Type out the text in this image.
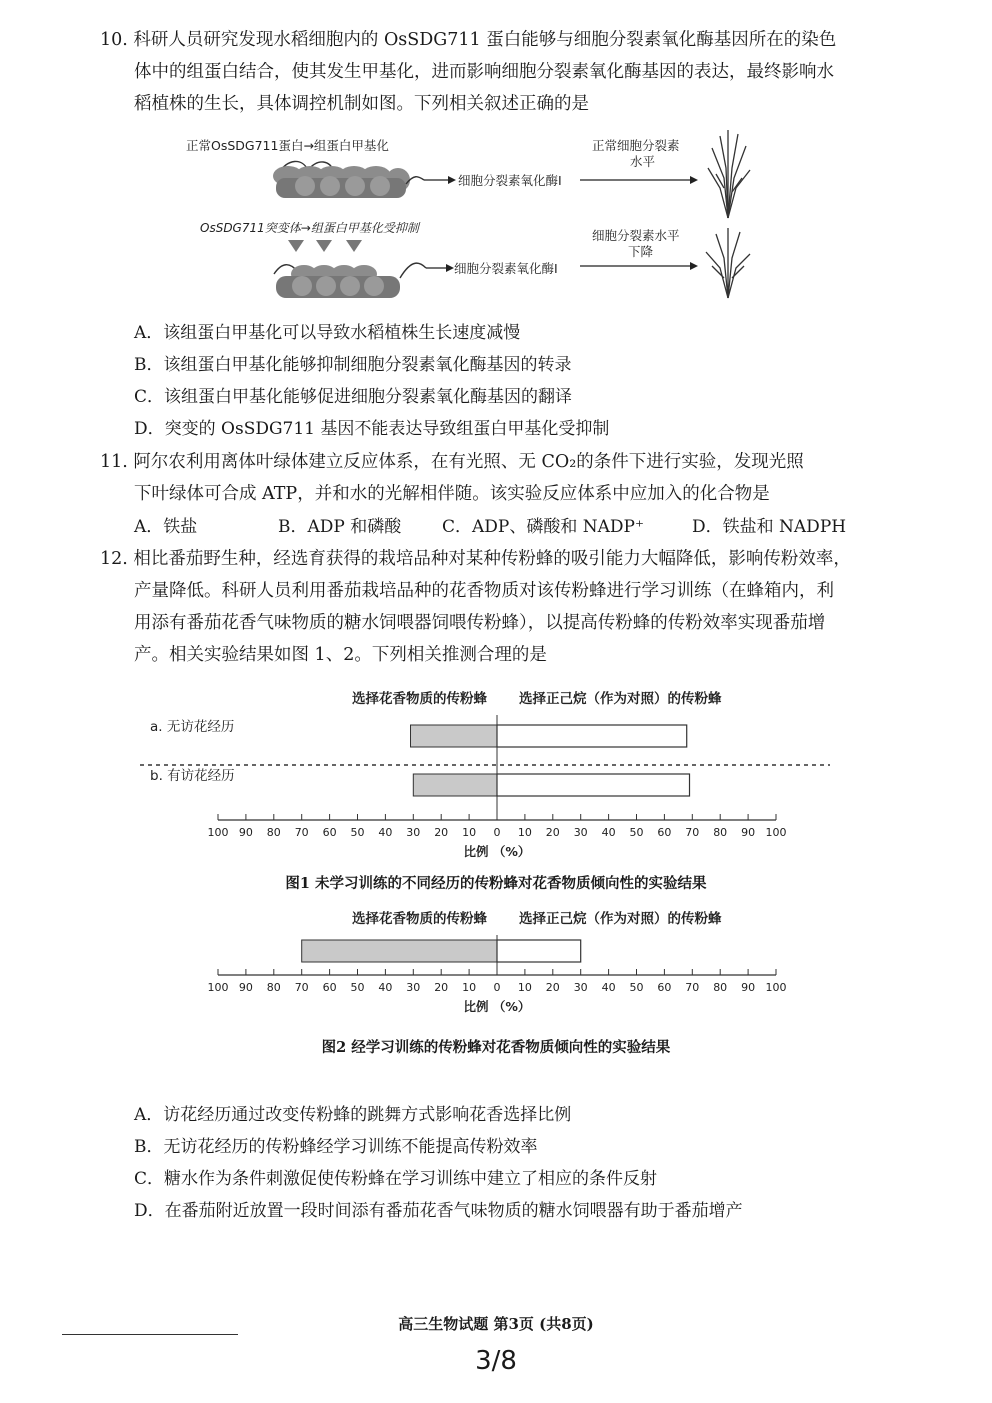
10. 科研人员研究发现水稻细胞内的 OsSDG711 蛋白能够与细胞分裂素氧化酶基因所在的染色
体中的组蛋白结合，使其发生甲基化，进而影响细胞分裂素氧化酶基因的表达，最终影响水
稻植株的生长，具体调控机制如图。下列相关叙述正确的是
正常OsSDG711蛋白→组蛋白甲基化
细胞分裂素氧化酶Ⅰ
正常细胞分裂素
水平
OsSDG711突变体→组蛋白甲基化受抑制
细胞分裂素氧化酶Ⅰ
细胞分裂素水平
下降
A．该组蛋白甲基化可以导致水稻植株生长速度减慢
B．该组蛋白甲基化能够抑制细胞分裂素氧化酶基因的转录
C．该组蛋白甲基化能够促进细胞分裂素氧化酶基因的翻译
D．突变的 OsSDG711 基因不能表达导致组蛋白甲基化受抑制
11. 阿尔农利用离体叶绿体建立反应体系，在有光照、无 CO₂的条件下进行实验，发现光照
下叶绿体可合成 ATP，并和水的光解相伴随。该实验反应体系中应加入的化合物是
A．铁盐	B．ADP 和磷酸 C．ADP、磷酸和 NADP⁺	D．铁盐和 NADPH
12. 相比番茄野生种，经选育获得的栽培品种对某种传粉蜂的吸引能力大幅降低，影响传粉效率，
产量降低。科研人员利用番茄栽培品种的花香物质对该传粉蜂进行学习训练（在蜂箱内，利
用添有番茄花香气味物质的糖水饲喂器饲喂传粉蜂），以提高传粉蜂的传粉效率实现番茄增
产。相关实验结果如图 1、2。下列相关推测合理的是
选择花香物质的传粉蜂 选择正己烷（作为对照）的传粉蜂
a. 无访花经历
b. 有访花经历
100 90 80 70 60 50 40 30 20 10 0 10 20 30 40 50 60 70 80 90 100
比例 （%）
图1 未学习训练的不同经历的传粉蜂对花香物质倾向性的实验结果
选择花香物质的传粉蜂 选择正己烷（作为对照）的传粉蜂
100 90 80 70 60 50 40 30 20 10 0 10 20 30 40 50 60 70 80 90 100
比例 （%）
图2 经学习训练的传粉蜂对花香物质倾向性的实验结果
A．访花经历通过改变传粉蜂的跳舞方式影响花香选择比例
B．无访花经历的传粉蜂经学习训练不能提高传粉效率
C．糖水作为条件刺激促使传粉蜂在学习训练中建立了相应的条件反射
D．在番茄附近放置一段时间添有番茄花香气味物质的糖水饲喂器有助于番茄增产
高三生物试题 第3页 (共8页)
3/8
